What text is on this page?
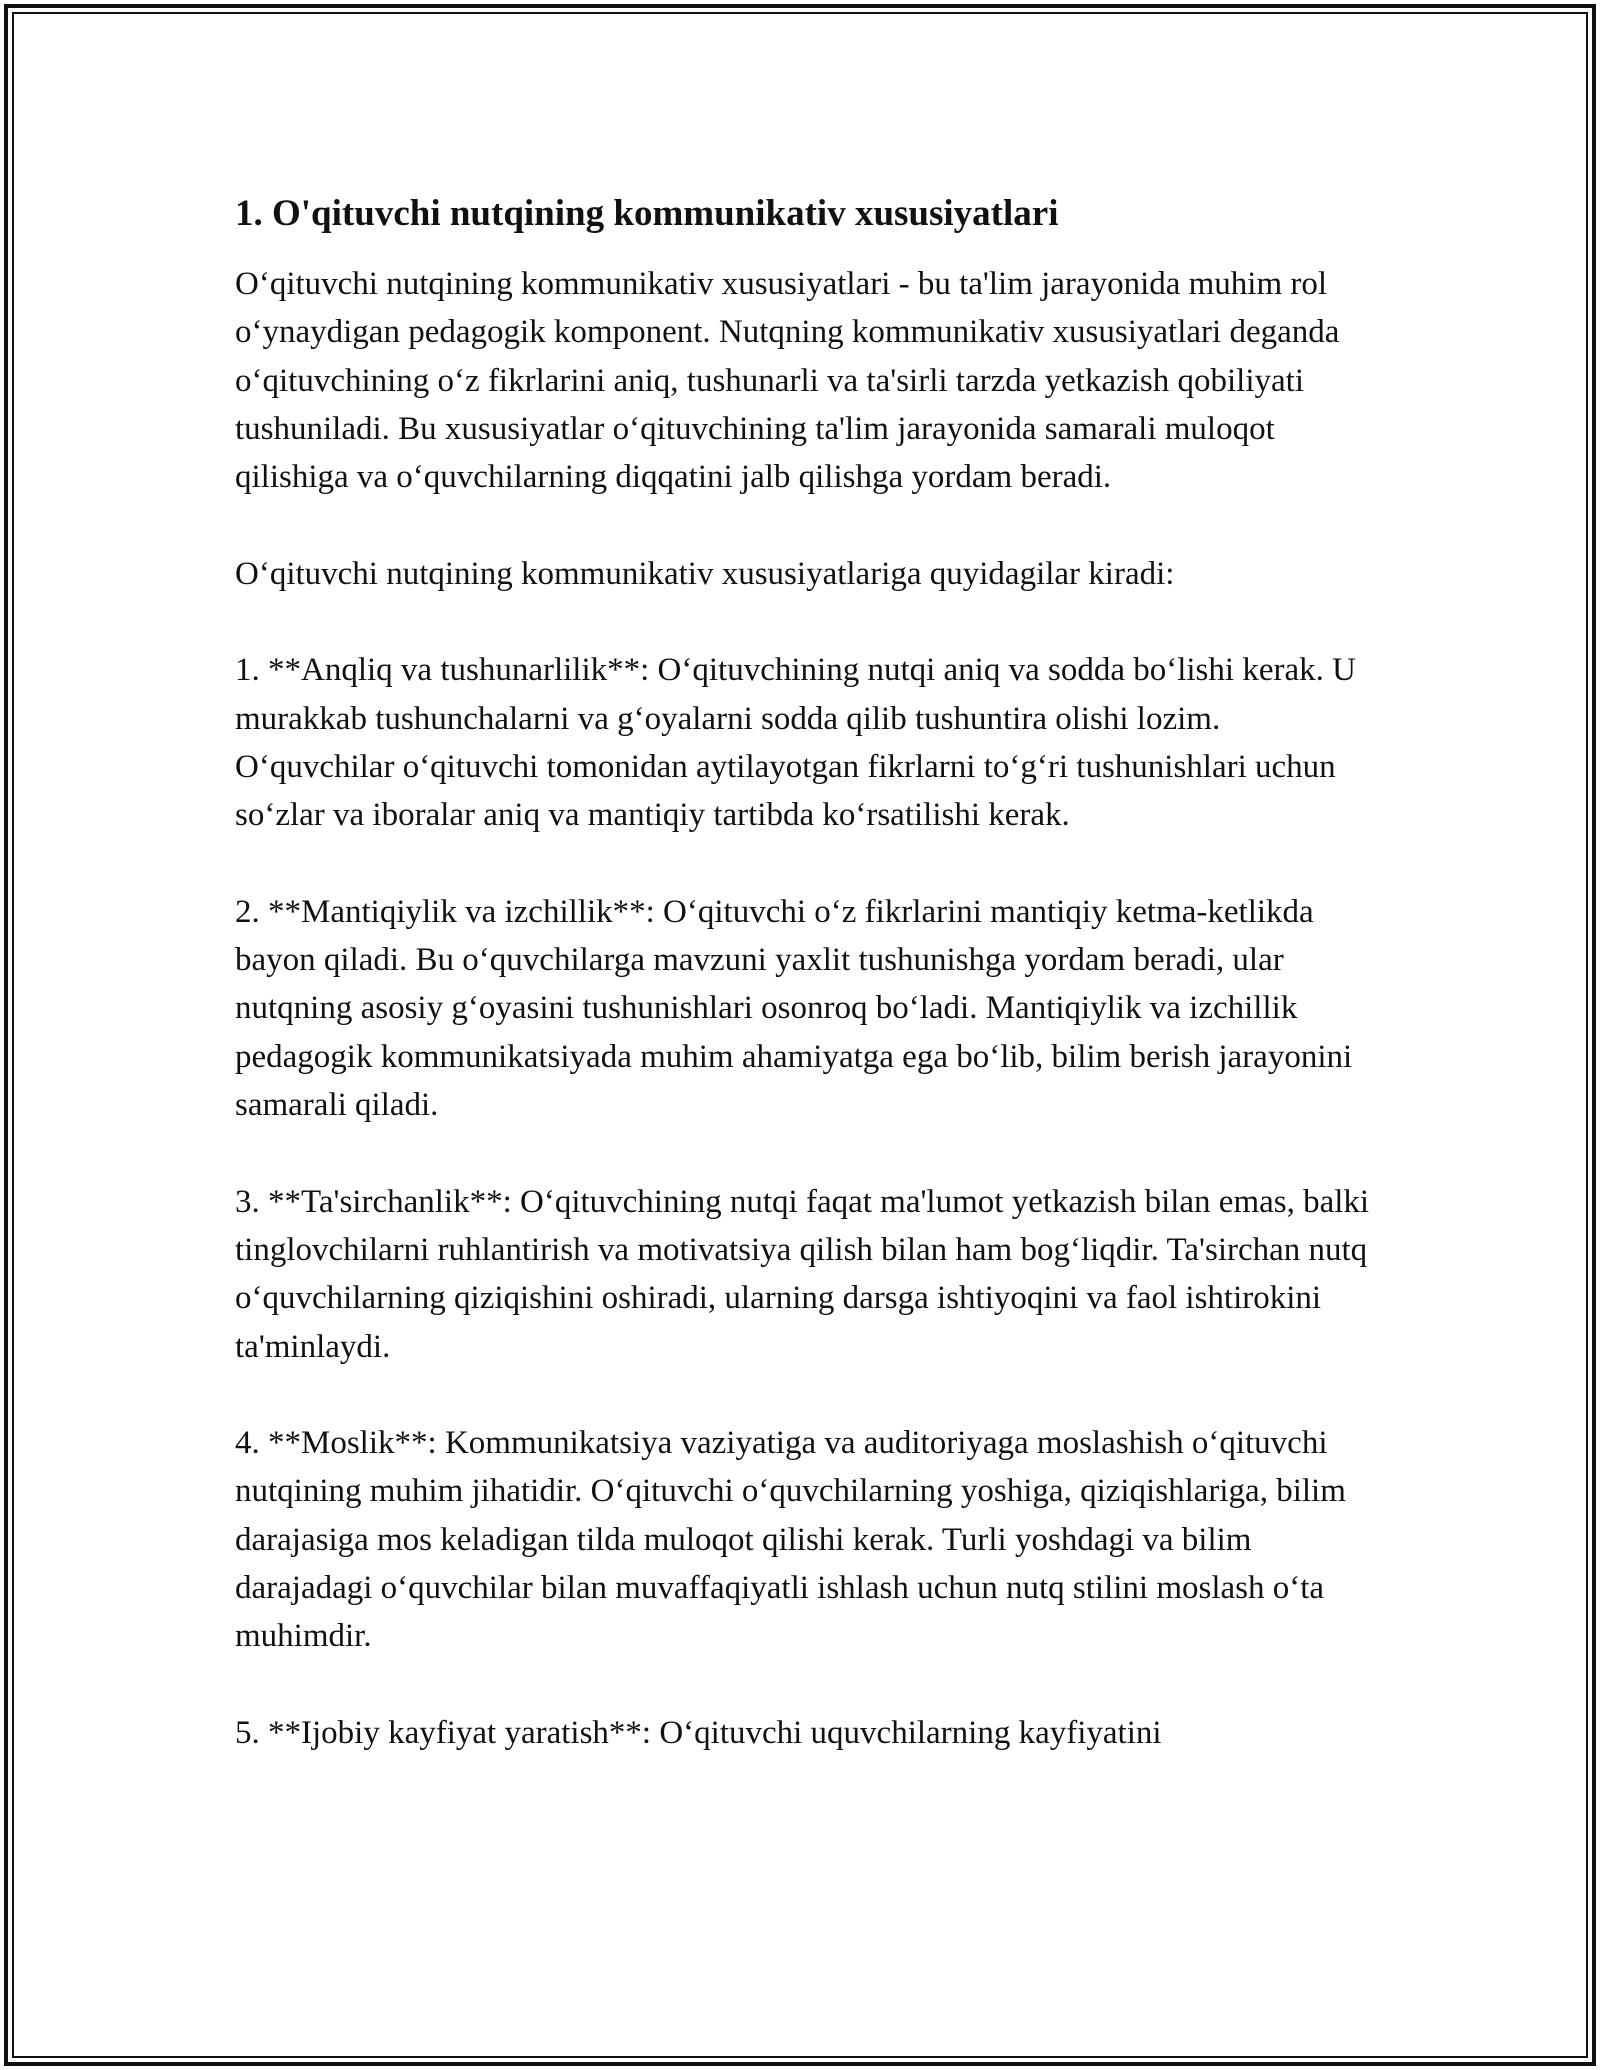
1. O'qituvchi nutqining kommunikativ xususiyatlari

O‘qituvchi nutqining kommunikativ xususiyatlari - bu ta'lim jarayonida muhim rol o‘ynaydigan pedagogik komponent. Nutqning kommunikativ xususiyatlari deganda o‘qituvchining o‘z fikrlarini aniq, tushunarli va ta'sirli tarzda yetkazish qobiliyati tushuniladi. Bu xususiyatlar o‘qituvchining ta'lim jarayonida samarali muloqot qilishiga va o‘quvchilarning diqqatini jalb qilishga yordam beradi.

O‘qituvchi nutqining kommunikativ xususiyatlariga quyidagilar kiradi:

1. **Anqliq va tushunarlilik**: O‘qituvchining nutqi aniq va sodda bo‘lishi kerak. U murakkab tushunchalarni va g‘oyalarni sodda qilib tushuntira olishi lozim. O‘quvchilar o‘qituvchi tomonidan aytilayotgan fikrlarni to‘g‘ri tushunishlari uchun so‘zlar va iboralar aniq va mantiqiy tartibda ko‘rsatilishi kerak.

2. **Mantiqiylik va izchillik**: O‘qituvchi o‘z fikrlarini mantiqiy ketma-ketlikda bayon qiladi. Bu o‘quvchilarga mavzuni yaxlit tushunishga yordam beradi, ular nutqning asosiy g‘oyasini tushunishlari osonroq bo‘ladi. Mantiqiylik va izchillik pedagogik kommunikatsiyada muhim ahamiyatga ega bo‘lib, bilim berish jarayonini samarali qiladi.

3. **Ta'sirchanlik**: O‘qituvchining nutqi faqat ma'lumot yetkazish bilan emas, balki tinglovchilarni ruhlantirish va motivatsiya qilish bilan ham bog‘liqdir. Ta'sirchan nutq o‘quvchilarning qiziqishini oshiradi, ularning darsga ishtiyoqini va faol ishtirokini ta'minlaydi.

4. **Moslik**: Kommunikatsiya vaziyatiga va auditoriyaga moslashish o‘qituvchi nutqining muhim jihatidir. O‘qituvchi o‘quvchilarning yoshiga, qiziqishlariga, bilim darajasiga mos keladigan tilda muloqot qilishi kerak. Turli yoshdagi va bilim darajadagi o‘quvchilar bilan muvaffaqiyatli ishlash uchun nutq stilini moslash o‘ta muhimdir.

5. **Ijobiy kayfiyat yaratish**: O‘qituvchi uquvchilarning kayfiyatini
